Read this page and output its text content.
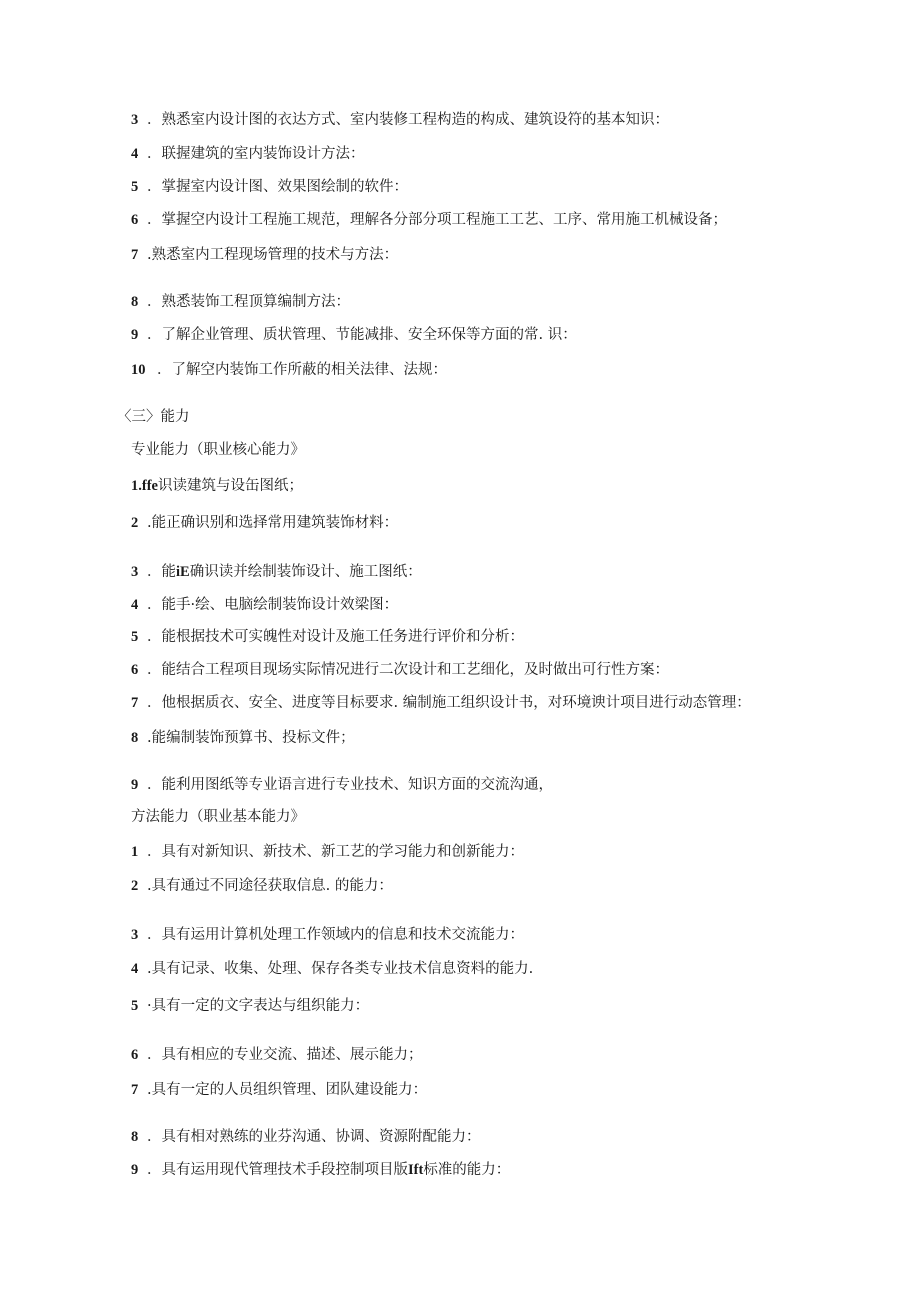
3 ．熟悉室内设计图的衣达方式、室内装修工程构造的构成、建筑设符的基本知识：
4 ．联握建筑的室内装饰设计方法：
5 ．掌握室内设计图、效果图绘制的软件：
6 ．掌握空内设计工程施工规范，理解各分部分项工程施工工艺、工序、常用施工机械设备；
7 .熟悉室内工程现场管理的技术与方法：
8 ．熟悉装饰工程顶算编制方法：
9 ．了解企业管理、质状管理、节能减排、安全环保等方面的常. 识：
10 ．了解空内装饰工作所蔽的相关法律、法规：
〈三〉能力
专业能力（职业核心能力》
1.ffe识读建筑与设缶图纸；
2 .能正确识别和选择常用建筑装饰材料：
3 ．能iE确识读并绘制装饰设计、施工图纸：
4 ．能手·绘、电脑绘制装饰设计效梁图：
5 ．能根据技术可实魄性对设计及施工任务进行评价和分析：
6 ．能结合工程项目现场实际情况进行二次设计和工艺细化，及时做出可行性方案：
7 ．他根据质衣、安全、进度等目标要求. 编制施工组织设计书，对环境谀计项目进行动态管理：
8 .能编制装饰预算书、投标文件；
9 ．能利用图纸等专业语言进行专业技术、知识方面的交流沟通，
方法能力（职业基本能力》
1 ．具有对新知识、新技术、新工艺的学习能力和创新能力：
2 .具有通过不同途径获取信息. 的能力：
3 ．具有运用计算机处理工作领域内的信息和技术交流能力：
4 .具有记录、收集、处理、保存各类专业技术信息资料的能力.
5 ·具有一定的文字表达与组织能力：
6 ．具有相应的专业交流、描述、展示能力；
7 .具有一定的人员组织管理、团队建设能力：
8 ．具有相对熟练的业芬沟通、协调、资源附配能力：
9 ．具有运用现代管理技术手段控制项目版Ift标准的能力：
